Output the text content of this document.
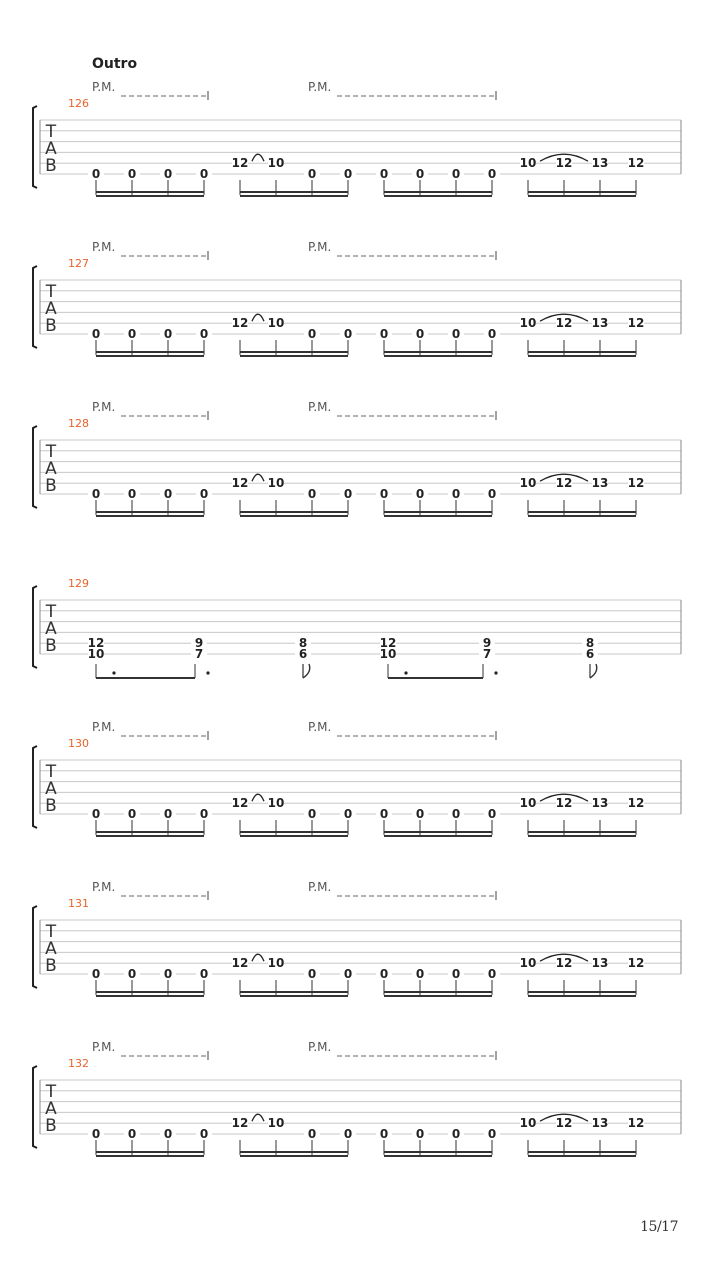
Outro
P.M.	P.M.
126
T
A
B	0 0 0 0
12 10
0 0 0 0 0 0
10 12 13 12
P.M.	P.M.
127
T
A
B	0 0 0 0
12 10
0 0 0 0 0 0
10 12 13 12
P.M.	P.M.
128
T
A
B	0 0 0 0
12 10
0 0 0 0 0 0
10 12 13 12
129
T
A
B	12
10
9
7
8
6
12
10
9
7
8
6
P.M.	P.M.
130
T
A
B	0 0 0 0
12 10
0 0 0 0 0 0
10 12 13 12
P.M.	P.M.
131
T
A
B	0 0 0 0
12 10
0 0 0 0 0 0
10 12 13 12
P.M.	P.M.
132
T
A
B	0 0 0 0
12 10
0 0 0 0 0 0
10 12 13 12
15/17
